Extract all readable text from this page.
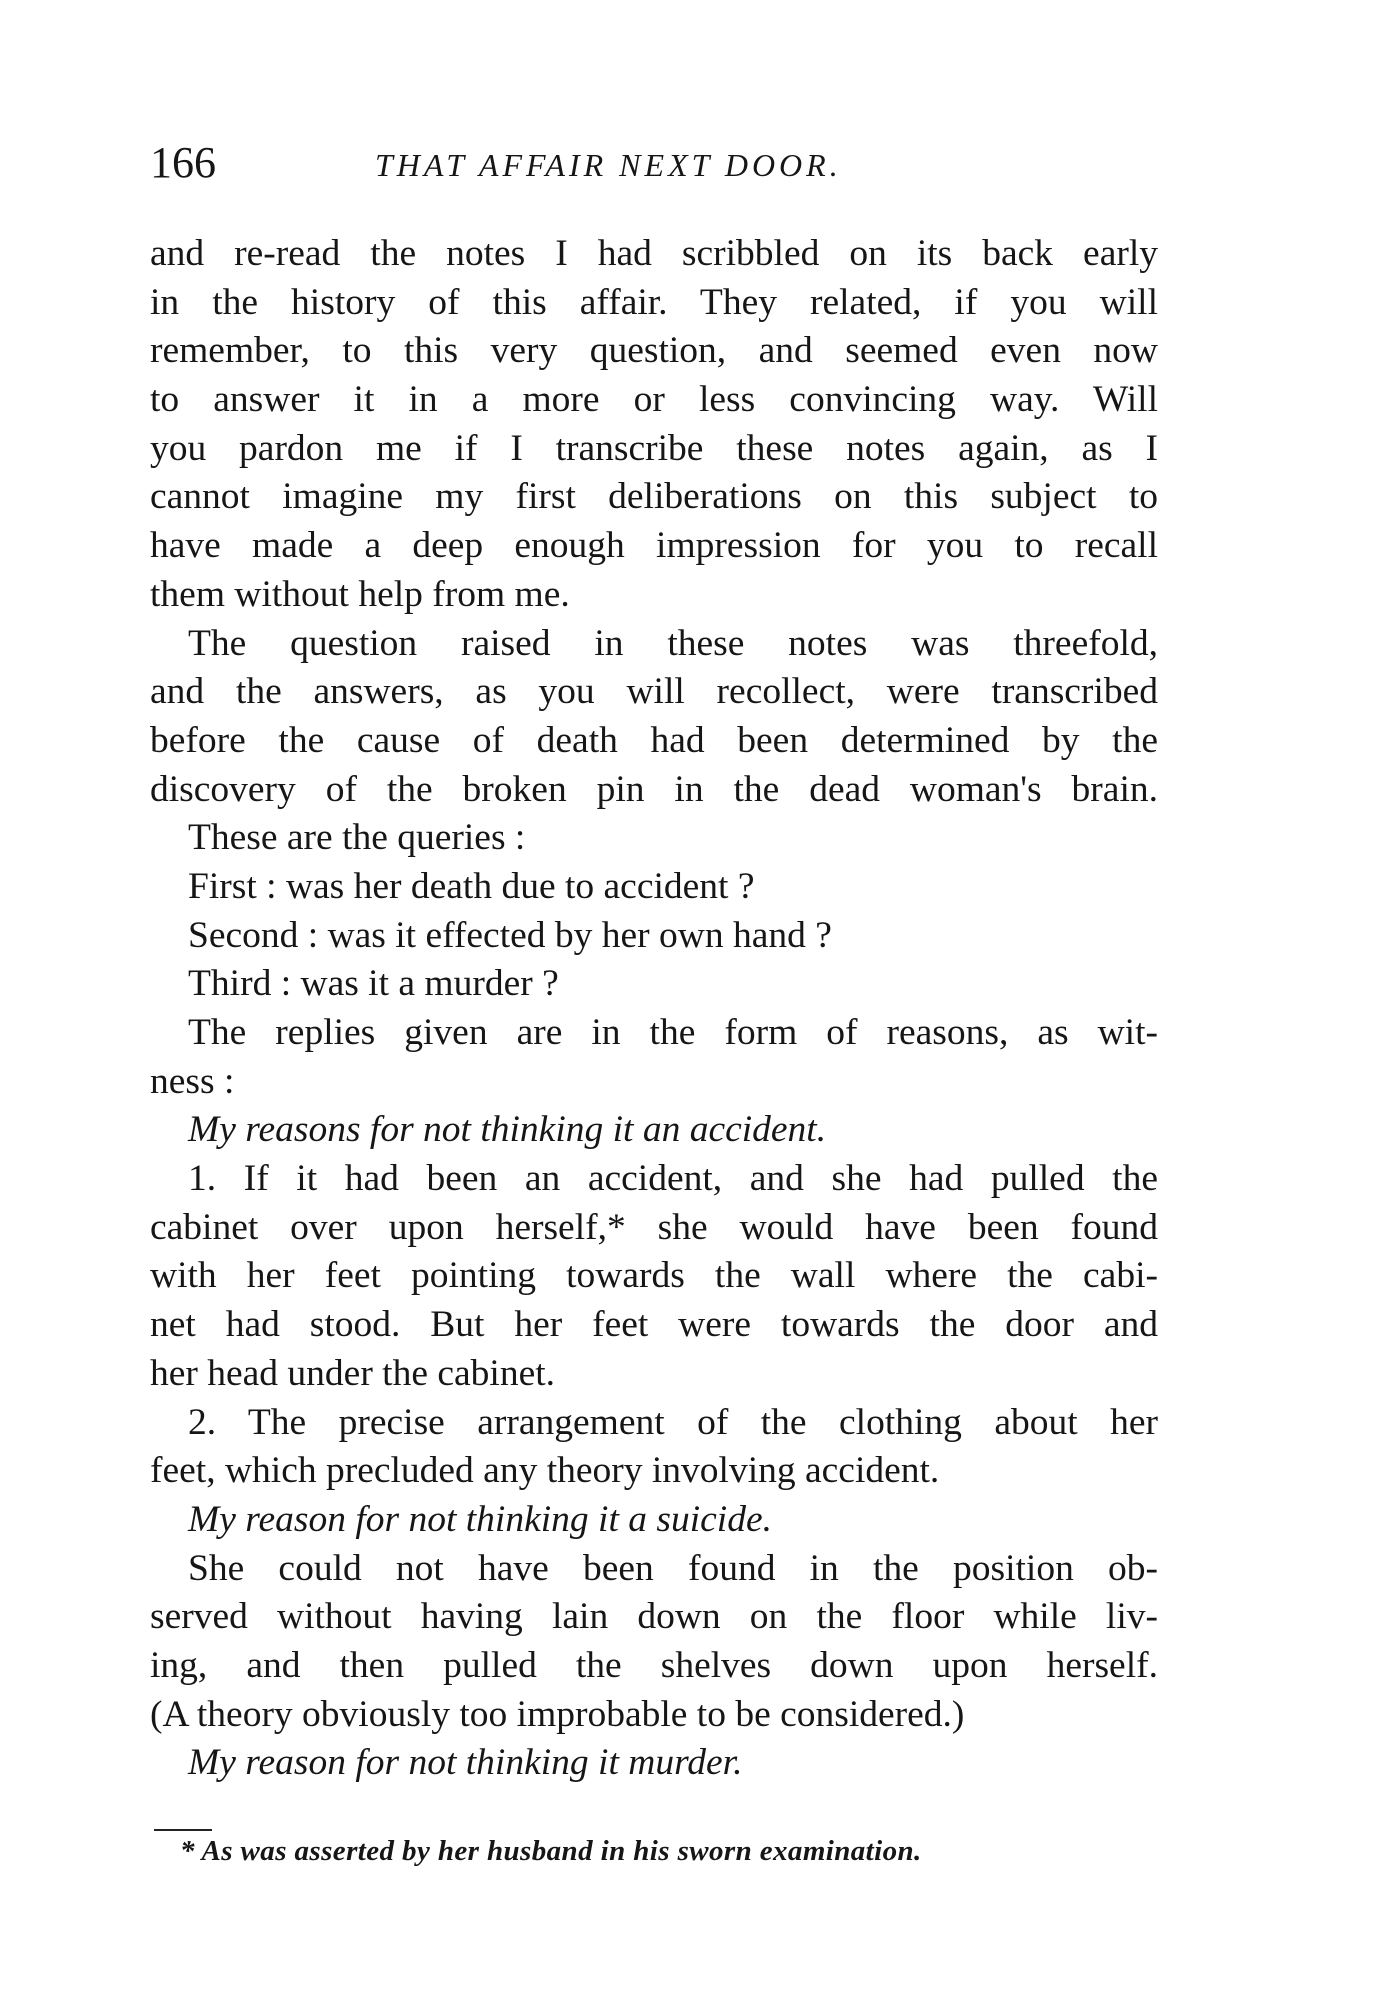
166	THAT AFFAIR NEXT DOOR.
and re-read the notes I had scribbled on its back early
in the history of this affair. They related, if you will
remember, to this very question, and seemed even now
to answer it in a more or less convincing way. Will
you pardon me if I transcribe these notes again, as I
cannot imagine my first deliberations on this subject to
have made a deep enough impression for you to recall
them without help from me.
The question raised in these notes was threefold,
and the answers, as you will recollect, were transcribed
before the cause of death had been determined by the
discovery of the broken pin in the dead woman's brain.
These are the queries :
First : was her death due to accident ?
Second : was it effected by her own hand ?
Third : was it a murder ?
The replies given are in the form of reasons, as wit-
ness :
My reasons for not thinking it an accident.
1. If it had been an accident, and she had pulled the
cabinet over upon herself,* she would have been found
with her feet pointing towards the wall where the cabi-
net had stood. But her feet were towards the door and
her head under the cabinet.
2. The precise arrangement of the clothing about her
feet, which precluded any theory involving accident.
My reason for not thinking it a suicide.
She could not have been found in the position ob-
served without having lain down on the floor while liv-
ing, and then pulled the shelves down upon herself.
(A theory obviously too improbable to be considered.)
My reason for not thinking it murder.
* As was asserted by her husband in his sworn examination.
